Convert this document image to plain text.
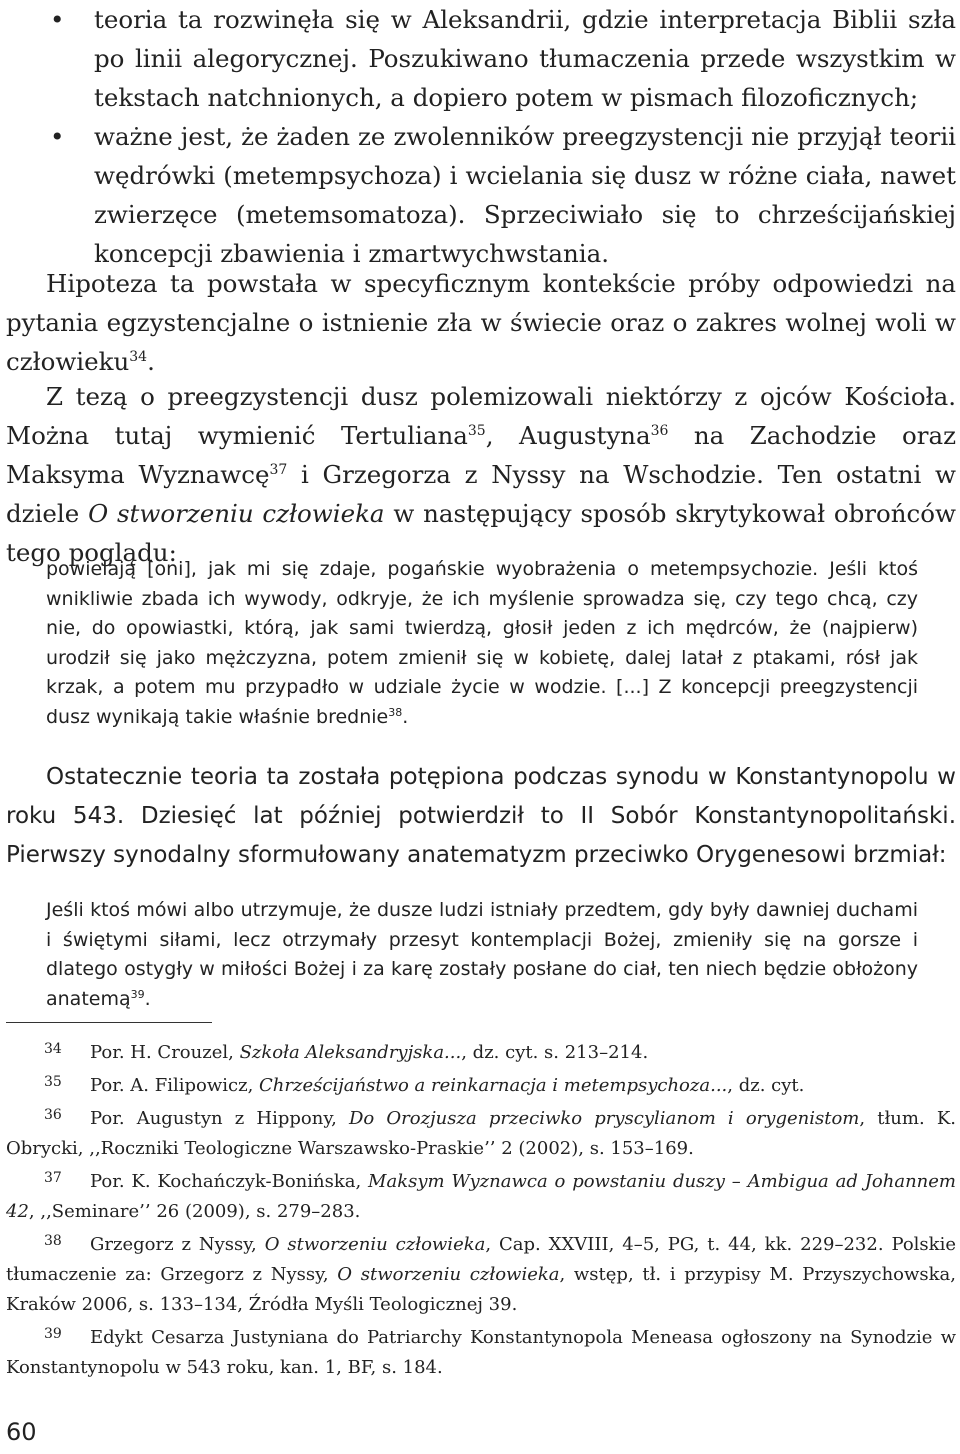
• teoria ta rozwinęła się w Aleksandrii, gdzie interpretacja Biblii szła po linii alegorycznej. Poszukiwano tłumaczenia przede wszystkim w tekstach natchnionych, a dopiero potem w pismach filozoficznych;
• ważne jest, że żaden ze zwolenników preegzystencji nie przyjął teorii wędrówki (metempsychoza) i wcielania się dusz w różne ciała, nawet zwierzęce (metemsomatoza). Sprzeciwiało się to chrześcijańskiej koncepcji zbawienia i zmartwychwstania.

Hipoteza ta powstała w specyficznym kontekście próby odpowiedzi na pytania egzystencjalne o istnienie zła w świecie oraz o zakres wolnej woli w człowieku$^{34}$.

Z tezą o preegzystencji dusz polemizowali niektórzy z ojców Kościoła. Można tutaj wymienić Tertuliana$^{35}$, Augustyna$^{36}$ na Zachodzie oraz Maksyma Wyznawcę$^{37}$ i Grzegorza z Nyssy na Wschodzie. Ten ostatni w dziele O stworzeniu człowieka w następujący sposób skrytykował obrońców tego poglądu:

powielają [oni], jak mi się zdaje, pogańskie wyobrażenia o metempsychozie. Jeśli ktoś wnikliwie zbada ich wywody, odkryje, że ich myślenie sprowadza się, czy tego chcą, czy nie, do opowiastki, którą, jak sami twierdzą, głosił jeden z ich mędrców, że (najpierw) urodził się jako mężczyzna, potem zmienił się w kobietę, dalej latał z ptakami, rósł jak krzak, a potem mu przypadło w udziale życie w wodzie. [...] Z koncepcji preegzystencji dusz wynikają takie właśnie brednie$^{38}$.

Ostatecznie teoria ta została potępiona podczas synodu w Konstantynopolu w roku 543. Dziesięć lat później potwierdził to II Sobór Konstantynopolitański. Pierwszy synodalny sformułowany anatematyzm przeciwko Orygenesowi brzmiał:

Jeśli ktoś mówi albo utrzymuje, że dusze ludzi istniały przedtem, gdy były dawniej duchami i świętymi siłami, lecz otrzymały przesyt kontemplacji Bożej, zmieniły się na gorsze i dlatego ostygły w miłości Bożej i za karę zostały posłane do ciał, ten niech będzie obłożony anatemą$^{39}$.

34 Por. H. Crouzel, Szkoła Aleksandryjska..., dz. cyt. s. 213–214.
35 Por. A. Filipowicz, Chrześcijaństwo a reinkarnacja i metempsychoza..., dz. cyt.
36 Por. Augustyn z Hippony, Do Orozjusza przeciwko pryscylianom i orygenistom, tłum. K. Obrycki, ,,Roczniki Teologiczne Warszawsko-Praskie’’ 2 (2002), s. 153–169.
37 Por. K. Kochańczyk-Bonińska, Maksym Wyznawca o powstaniu duszy – Ambigua ad Johannem 42, ,,Seminare’’ 26 (2009), s. 279–283.
38 Grzegorz z Nyssy, O stworzeniu człowieka, Cap. XXVIII, 4–5, PG, t. 44, kk. 229–232. Polskie tłumaczenie za: Grzegorz z Nyssy, O stworzeniu człowieka, wstęp, tł. i przypisy M. Przyszychowska, Kraków 2006, s. 133–134, Źródła Myśli Teologicznej 39.
39 Edykt Cesarza Justyniana do Patriarchy Konstantynopola Meneasa ogłoszony na Synodzie w Konstantynopolu w 543 roku, kan. 1, BF, s. 184.
60
